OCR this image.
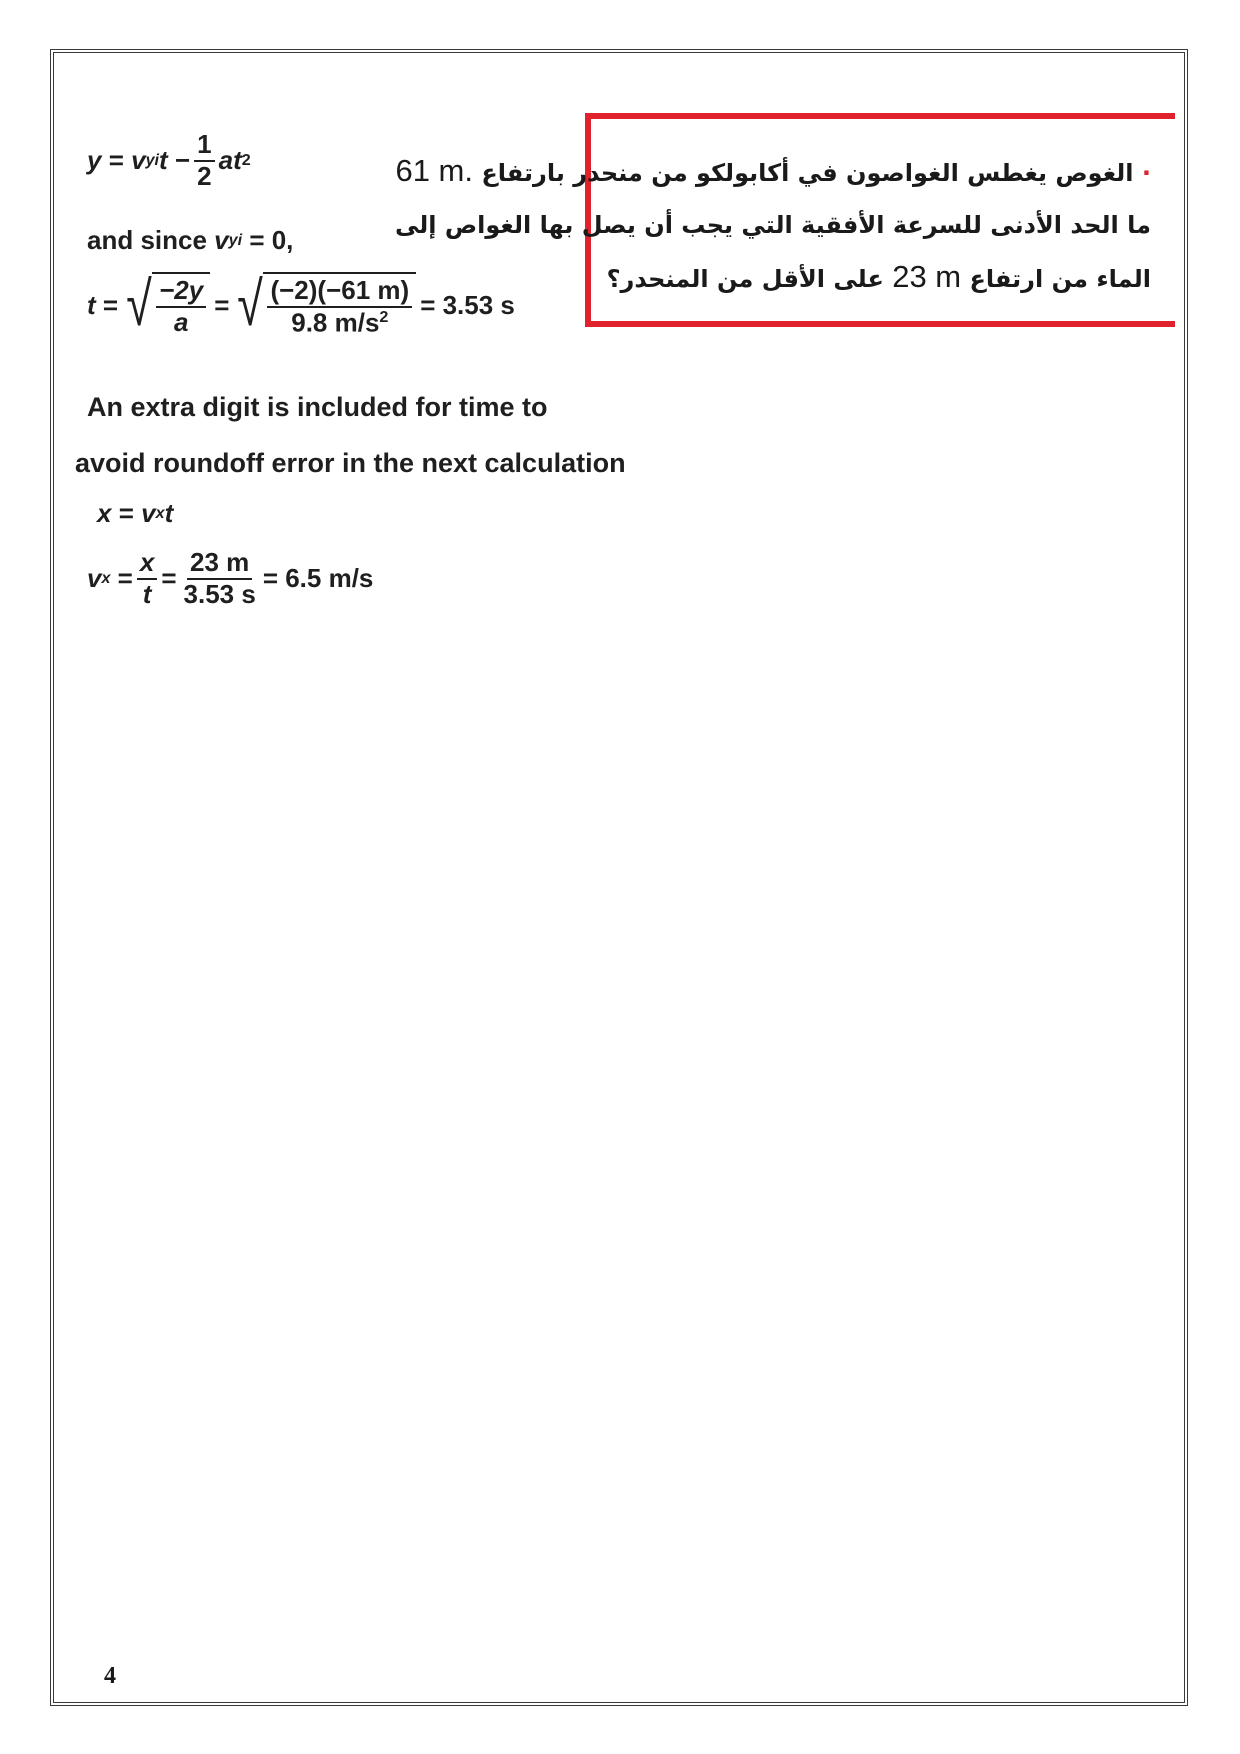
· الغوص يغطس الغواصون في أكابولكو من منحدر بارتفاع 61 m.
ما الحد الأدنى للسرعة الأفقية التي يجب أن يصل بها الغواص إلى
الماء من ارتفاع 23 m على الأقل من المنحدر؟
y
=
v yi t
− $\frac{1}{2}$ a t 2
and since
v yi
= 0,
t
= √ $\frac{-2y}{a}$ = √ $\frac{(-2)(-61 m)}{9.8 m/s^2} = 3.53$ s
An extra digit is included for time to
avoid roundoff error in the next calculation
x
=
v x t
v x
= $\frac{x}{t} = \frac{23 m}{3.53 s} = 6.5$ m/s
4
